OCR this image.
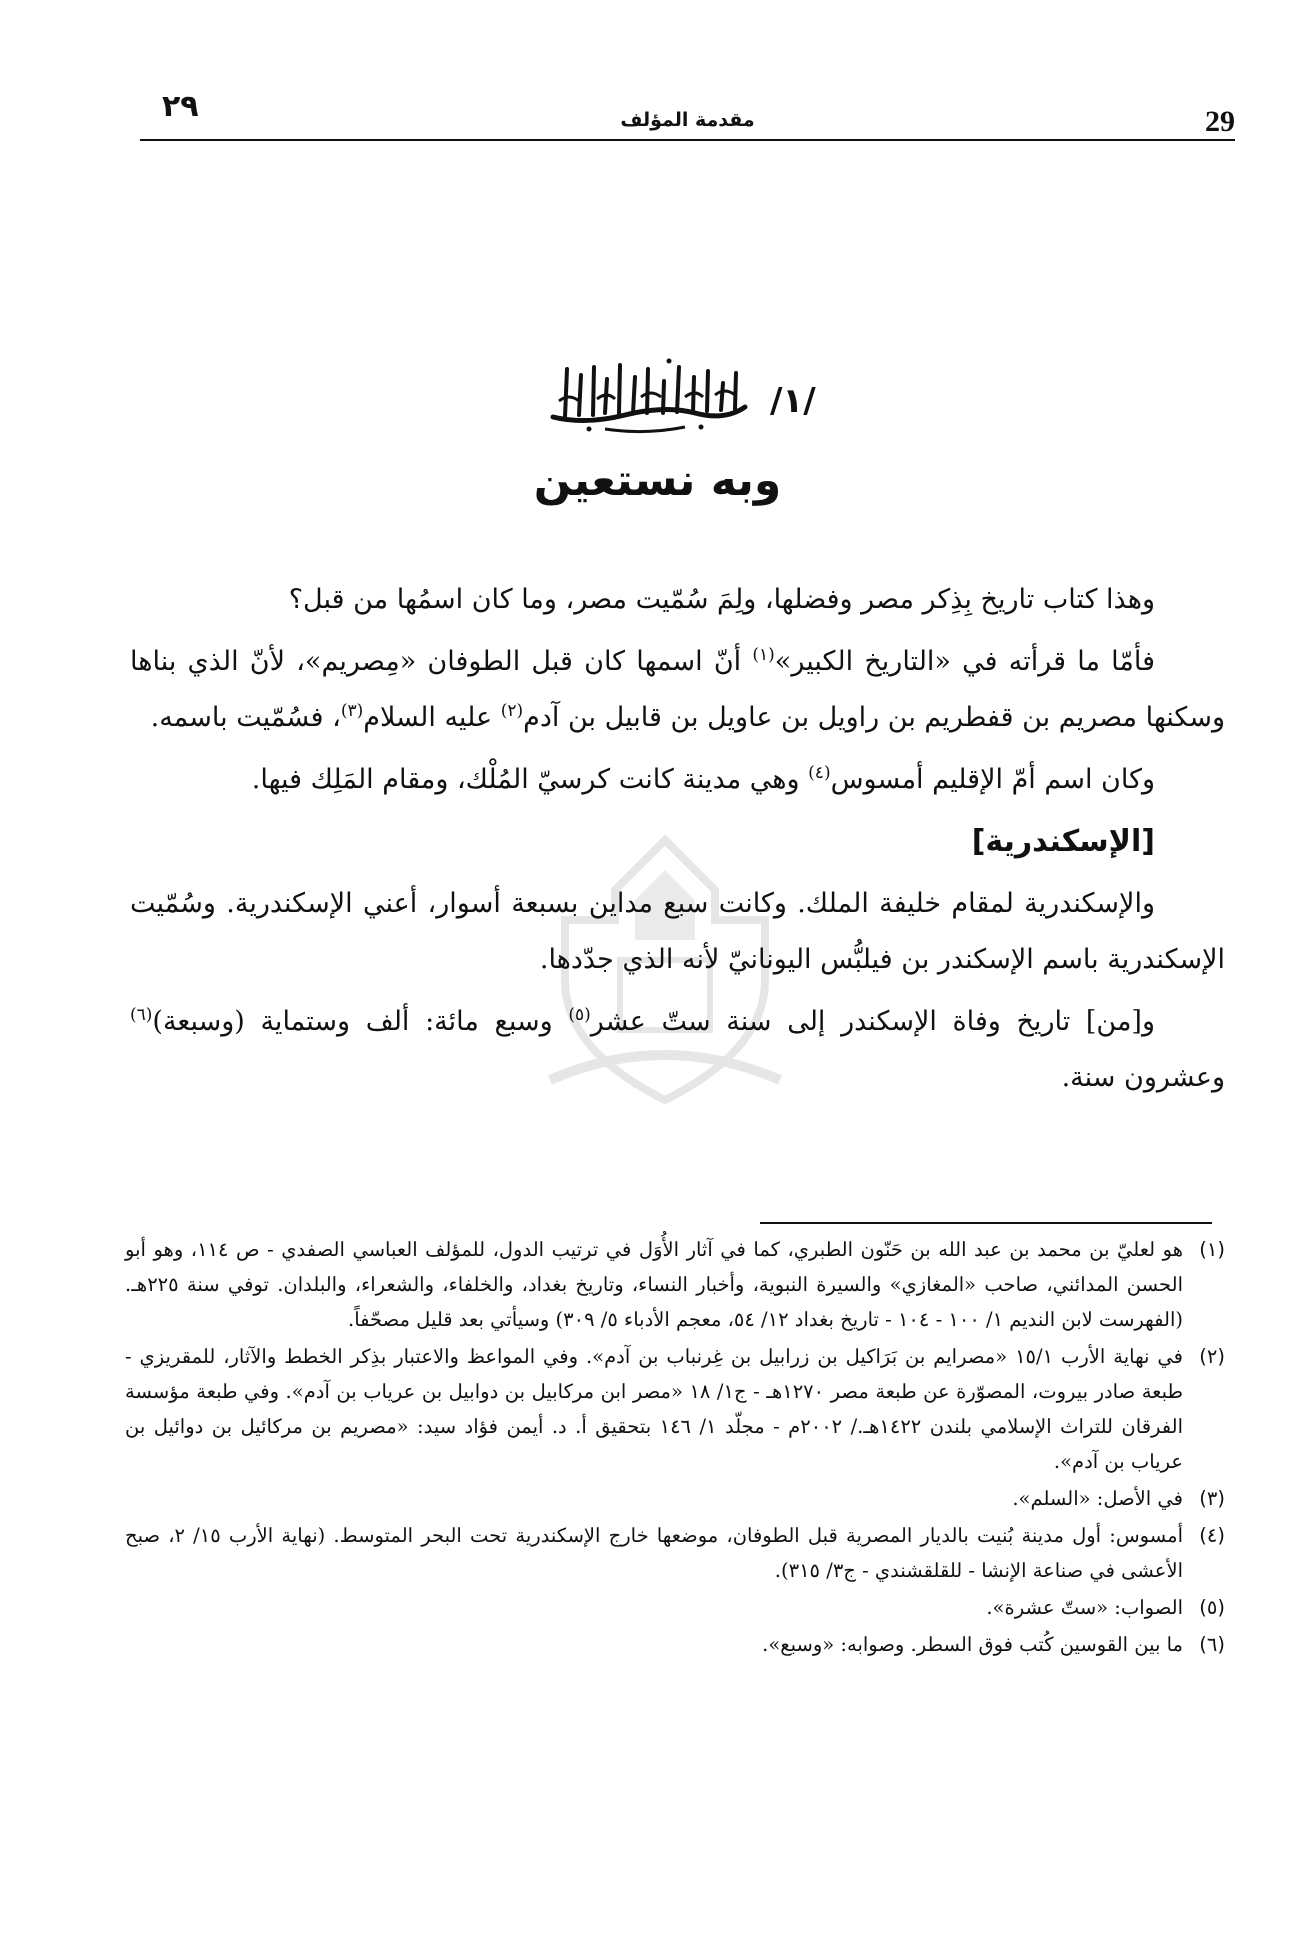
29
مقدمة المؤلف
٢٩
/١/
وبه نستعين

وهذا كتاب تاريخ بِذِكر مصر وفضلها، ولِمَ سُمّيت مصر، وما كان اسمُها من قبل؟

فأمّا ما قرأته في «التاريخ الكبير»$^{(١)}$ أنّ اسمها كان قبل الطوفان «مِصريم»، لأنّ الذي بناها وسكنها مصريم بن قفطريم بن راويل بن عاويل بن قابيل بن آدم$^{(٢)}$ عليه السلام$^{(٣)}$، فسُمّيت باسمه.

وكان اسم أمّ الإقليم أمسوس$^{(٤)}$ وهي مدينة كانت كرسيّ المُلْك، ومقام المَلِك فيها.

[الإسكندرية]

والإسكندرية لمقام خليفة الملك. وكانت سبع مداين بسبعة أسوار، أعني الإسكندرية. وسُمّيت الإسكندرية باسم الإسكندر بن فيلبُّس اليونانيّ لأنه الذي جدّدها.

و[من] تاريخ وفاة الإسكندر إلى سنة ستّ عشر$^{(٥)}$ وسبع مائة: ألف وستماية (وسبعة)$^{(٦)}$ وعشرون سنة.

(١)
هو لعليّ بن محمد بن عبد الله بن حَنّون الطبري، كما في آثار الأُوَل في ترتيب الدول، للمؤلف العباسي الصفدي - ص ١١٤، وهو أبو الحسن المدائني، صاحب «المغازي» والسيرة النبوية، وأخبار النساء، وتاريخ بغداد، والخلفاء، والشعراء، والبلدان. توفي سنة ٢٢٥هـ. (الفهرست لابن النديم ١/ ١٠٠ - ١٠٤ - تاريخ بغداد ١٢/ ٥٤، معجم الأدباء ٥/ ٣٠٩) وسيأتي بعد قليل مصحّفاً.
(٢)
في نهاية الأرب ١٥/١ «مصرايم بن بَرَاكيل بن زرابيل بن غِرنباب بن آدم». وفي المواعظ والاعتبار بذِكر الخطط والآثار، للمقريزي - طبعة صادر بيروت، المصوّرة عن طبعة مصر ١٢٧٠هـ - ج١/ ١٨ «مصر ابن مركابيل بن دوابيل بن عرياب بن آدم». وفي طبعة مؤسسة الفرقان للتراث الإسلامي بلندن ١٤٢٢هـ./ ٢٠٠٢م - مجلّد ١/ ١٤٦ بتحقيق أ. د. أيمن فؤاد سيد: «مصريم بن مركائيل بن دوائيل بن عرياب بن آدم».
(٣)
في الأصل: «السلم».
(٤)
أمسوس: أول مدينة بُنيت بالديار المصرية قبل الطوفان، موضعها خارج الإسكندرية تحت البحر المتوسط. (نهاية الأرب ١٥/ ٢، صبح الأعشى في صناعة الإنشا - للقلقشندي - ج٣/ ٣١٥).
(٥)
الصواب: «ستّ عشرة».
(٦)
ما بين القوسين كُتب فوق السطر. وصوابه: «وسبع».
